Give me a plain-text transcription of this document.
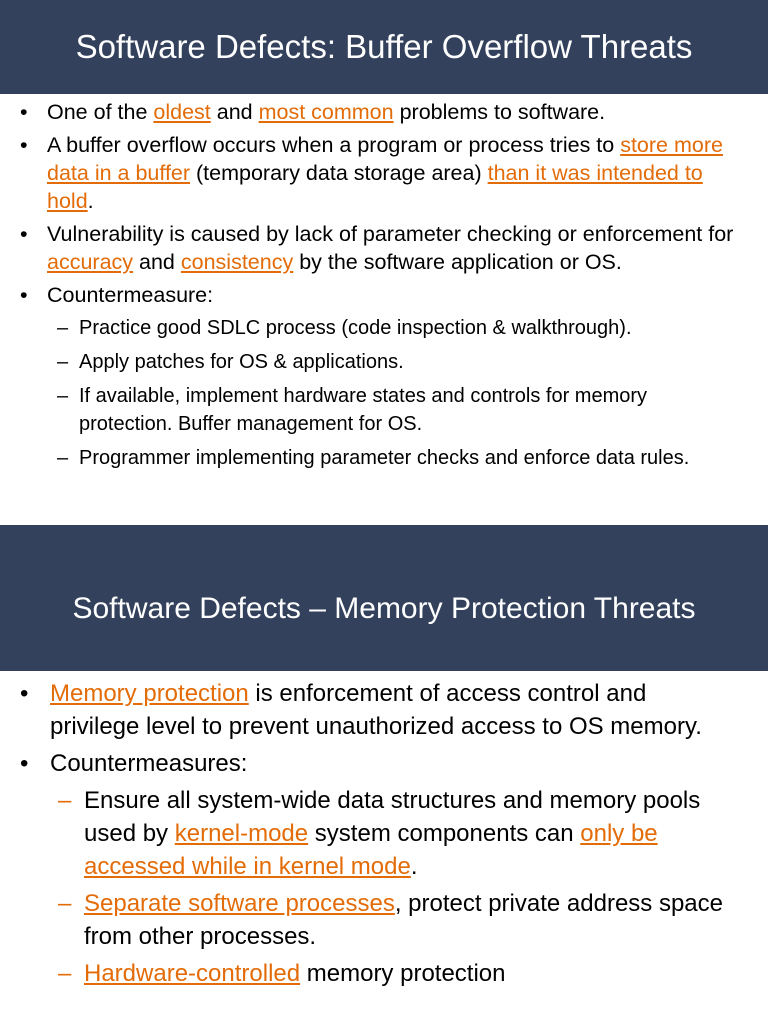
Software Defects: Buffer Overflow Threats
• One of the oldest and most common problems to software.
• A buffer overflow occurs when a program or process tries to store more data in a buffer (temporary data storage area) than it was intended to hold.
• Vulnerability is caused by lack of parameter checking or enforcement for accuracy and consistency by the software application or OS.
• Countermeasure:
– Practice good SDLC process (code inspection & walkthrough).
– Apply patches for OS & applications.
– If available, implement hardware states and controls for memory protection. Buffer management for OS.
– Programmer implementing parameter checks and enforce data rules.
Software Defects – Memory Protection Threats
• Memory protection is enforcement of access control and privilege level to prevent unauthorized access to OS memory.
• Countermeasures:
– Ensure all system-wide data structures and memory pools used by kernel-mode system components can only be accessed while in kernel mode.
– Separate software processes, protect private address space from other processes.
– Hardware-controlled memory protection
